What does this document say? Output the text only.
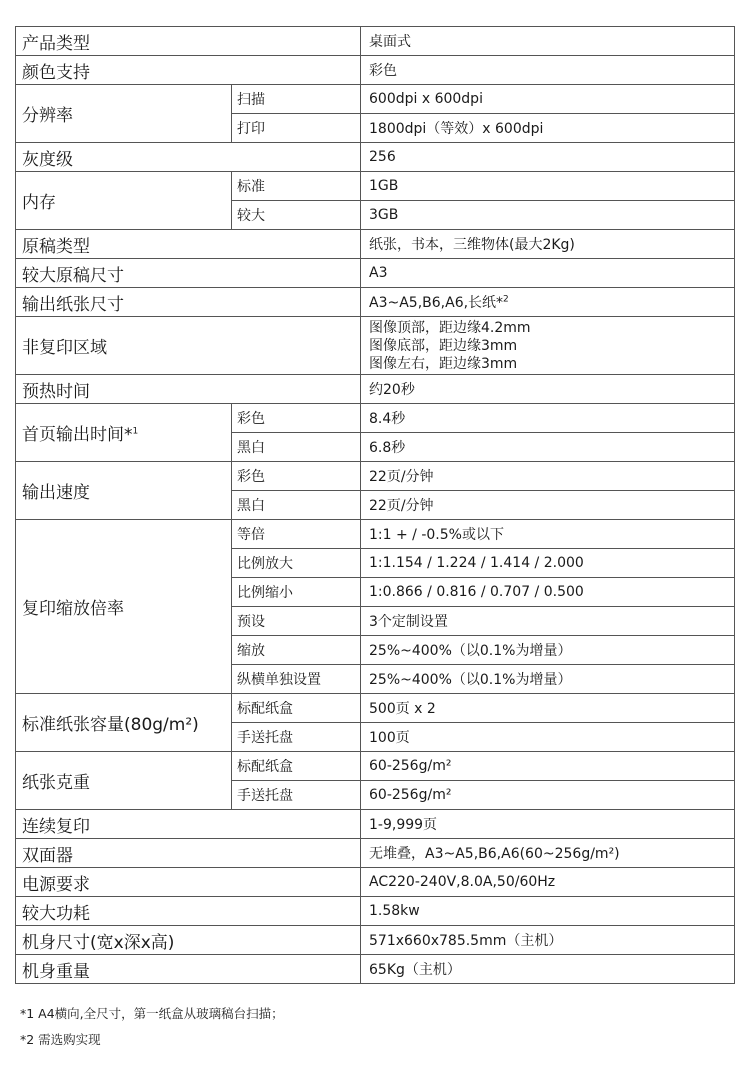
产品类型		桌面式
颜色支持		彩色
分辨率	扫描	600dpi x 600dpi
	打印	1800dpi（等效）x 600dpi
灰度级		256
内存	标准	1GB
	较大	3GB
原稿类型		纸张，书本，三维物体(最大2Kg)
较大原稿尺寸		A3
输出纸张尺寸		A3~A5,B6,A6,长纸*$^2$
非复印区域		图像顶部，距边缘4.2mm
图像底部，距边缘3mm
图像左右，距边缘3mm
预热时间		约20秒
首页输出时间*$^1$	彩色	8.4秒
	黑白	6.8秒
输出速度	彩色	22页/分钟
	黑白	22页/分钟
复印缩放倍率	等倍	1:1 + / -0.5%或以下
	比例放大	1:1.154 / 1.224 / 1.414 / 2.000
	比例缩小	1:0.866 / 0.816 / 0.707 / 0.500
	预设	3个定制设置
	缩放	25%~400%（以0.1%为增量）
	纵横单独设置	25%~400%（以0.1%为增量）
标准纸张容量(80g/m²)	标配纸盒	500页 x 2
	手送托盘	100页
纸张克重	标配纸盒	60-256g/m²
	手送托盘	60-256g/m²
连续复印		1-9,999页
双面器		无堆叠，A3~A5,B6,A6(60~256g/m²)
电源要求		AC220-240V,8.0A,50/60Hz
较大功耗		1.58kw
机身尺寸(宽x深x高)		571x660x785.5mm（主机）
机身重量		65Kg（主机）
*1 A4横向,全尺寸，第一纸盒从玻璃稿台扫描；
*2 需选购实现
